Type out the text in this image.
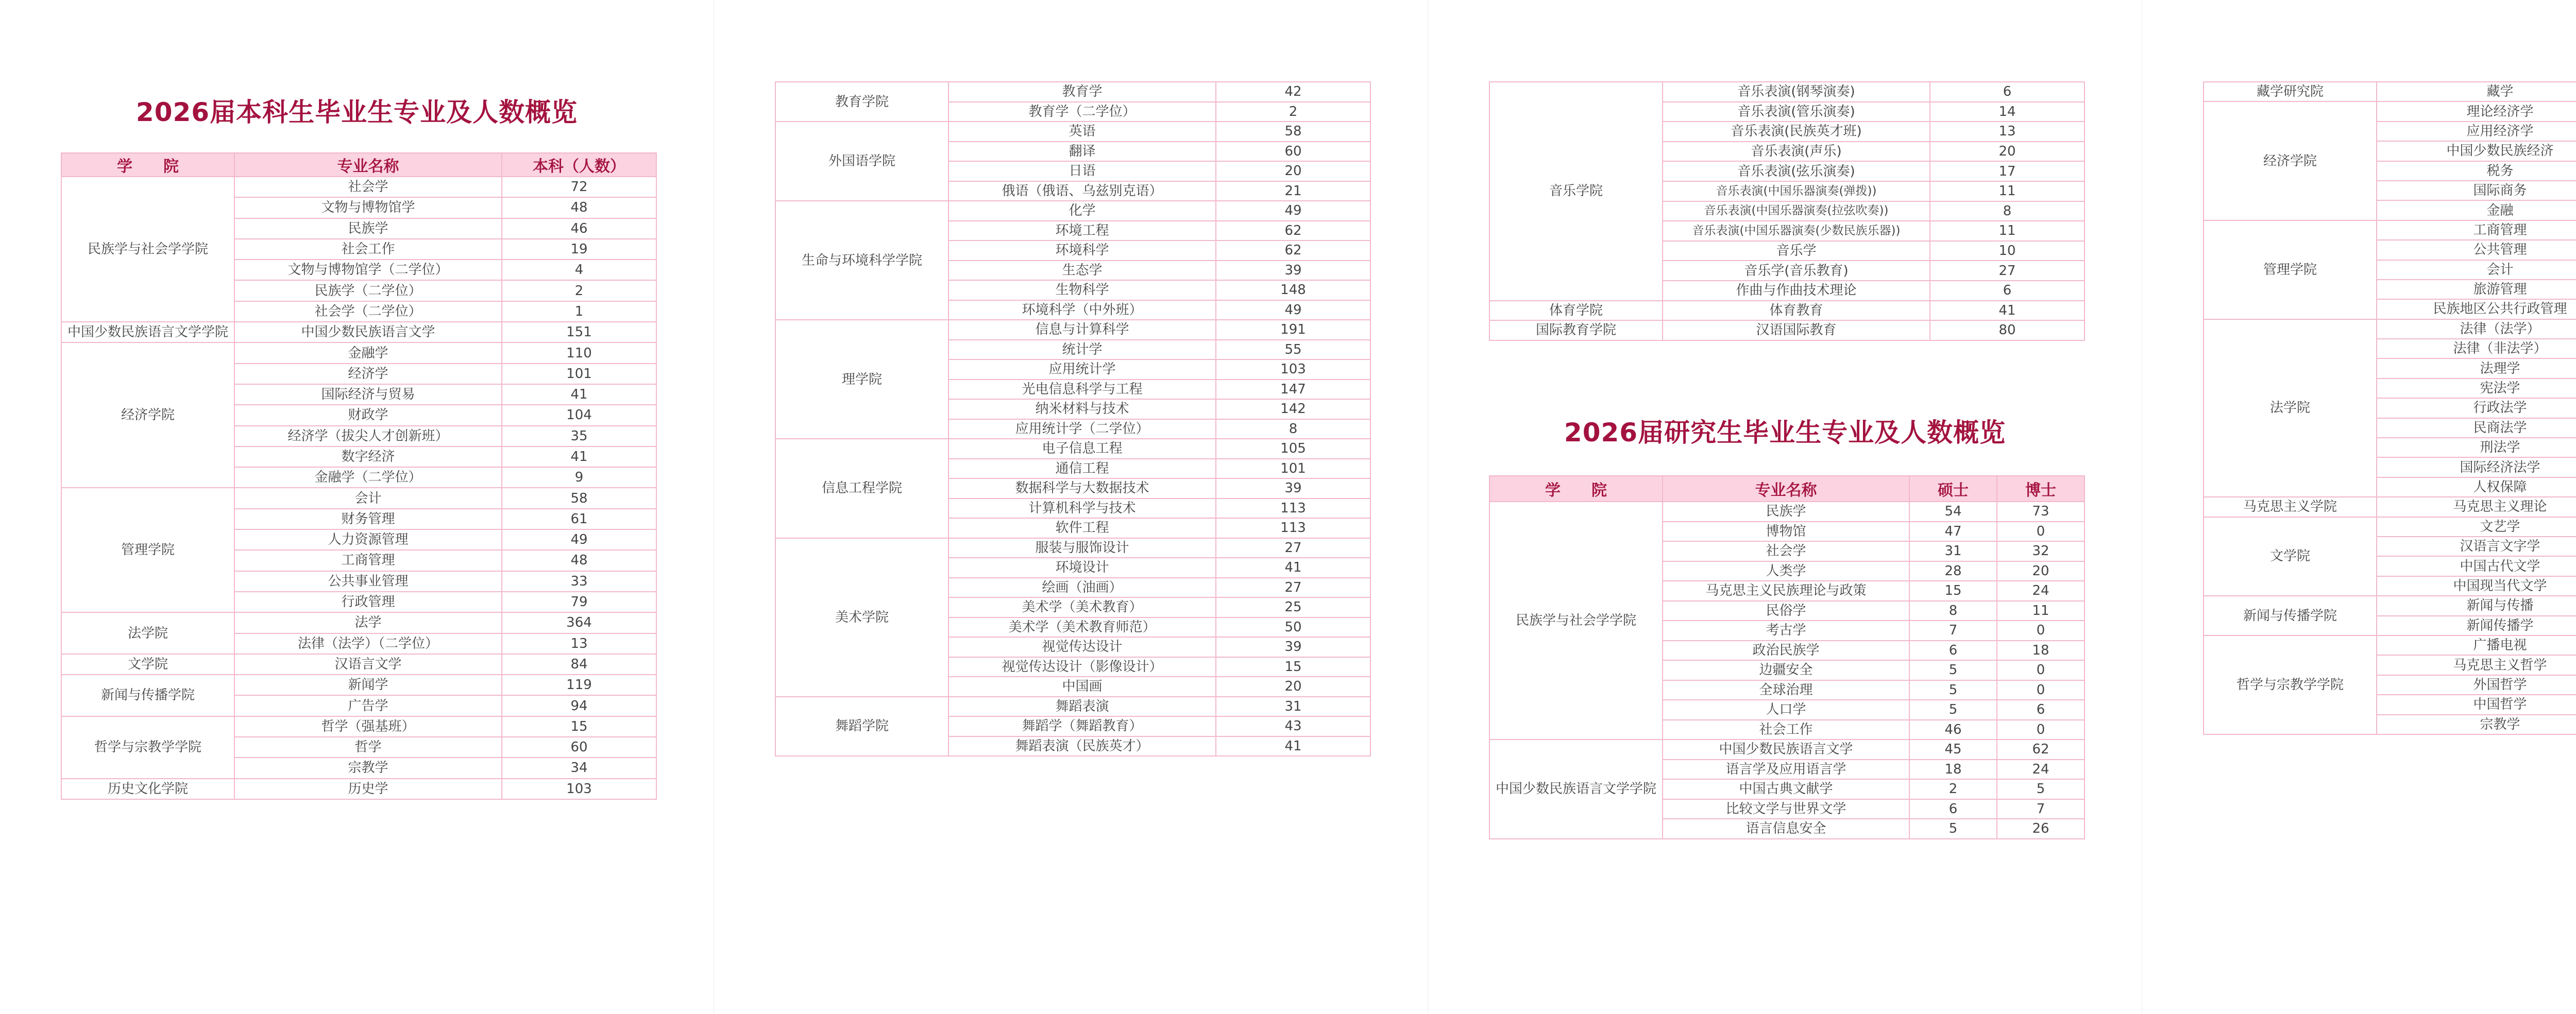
2026届本科生毕业生专业及人数概览
学　　院	专业名称	本科（人数）
民族学与社会学学院	社会学	72
	文物与博物馆学	48
	民族学	46
	社会工作	19
	文物与博物馆学（二学位）	4
	民族学（二学位）	2
	社会学（二学位）	1
中国少数民族语言文学学院	中国少数民族语言文学	151
经济学院	金融学	110
	经济学	101
	国际经济与贸易	41
	财政学	104
	经济学（拔尖人才创新班）	35
	数字经济	41
	金融学（二学位）	9
管理学院	会计	58
	财务管理	61
	人力资源管理	49
	工商管理	48
	公共事业管理	33
	行政管理	79
法学院	法学	364
	法律（法学）（二学位）	13
文学院	汉语言文学	84
新闻与传播学院	新闻学	119
	广告学	94
哲学与宗教学学院	哲学（强基班）	15
	哲学	60
	宗教学	34
历史文化学院	历史学	103
教育学院	教育学	42
	教育学（二学位）	2
外国语学院	英语	58
	翻译	60
	日语	20
	俄语（俄语、乌兹别克语）	21
生命与环境科学学院	化学	49
	环境工程	62
	环境科学	62
	生态学	39
	生物科学	148
	环境科学（中外班）	49
理学院	信息与计算科学	191
	统计学	55
	应用统计学	103
	光电信息科学与工程	147
	纳米材料与技术	142
	应用统计学（二学位）	8
信息工程学院	电子信息工程	105
	通信工程	101
	数据科学与大数据技术	39
	计算机科学与技术	113
	软件工程	113
美术学院	服装与服饰设计	27
	环境设计	41
	绘画（油画）	27
	美术学（美术教育）	25
	美术学（美术教育师范）	50
	视觉传达设计	39
	视觉传达设计（影像设计）	15
	中国画	20
舞蹈学院	舞蹈表演	31
	舞蹈学（舞蹈教育）	43
	舞蹈表演（民族英才）	41
音乐学院	音乐表演(钢琴演奏)	6
	音乐表演(管乐演奏)	14
	音乐表演(民族英才班)	13
	音乐表演(声乐)	20
	音乐表演(弦乐演奏)	17
	音乐表演(中国乐器演奏(弹拨))	11
	音乐表演(中国乐器演奏(拉弦吹奏))	8
	音乐表演(中国乐器演奏(少数民族乐器))	11
	音乐学	10
	音乐学(音乐教育)	27
	作曲与作曲技术理论	6
体育学院	体育教育	41
国际教育学院	汉语国际教育	80
2026届研究生毕业生专业及人数概览
学　　院	专业名称	硕士	博士
民族学与社会学学院	民族学	54	73
	博物馆	47	0
	社会学	31	32
	人类学	28	20
	马克思主义民族理论与政策	15	24
	民俗学	8	11
	考古学	7	0
	政治民族学	6	18
	边疆安全	5	0
	全球治理	5	0
	人口学	5	6
	社会工作	46	0
中国少数民族语言文学学院	中国少数民族语言文学	45	62
	语言学及应用语言学	18	24
	中国古典文献学	2	5
	比较文学与世界文学	6	7
	语言信息安全	5	26
藏学研究院	藏学		
经济学院	理论经济学		
	应用经济学		
	中国少数民族经济		
	税务		
	国际商务		
	金融		
管理学院	工商管理		
	公共管理		
	会计		
	旅游管理		
	民族地区公共行政管理		
法学院	法律（法学）		
	法律（非法学）		
	法理学		
	宪法学		
	行政法学		
	民商法学		
	刑法学		
	国际经济法学		
	人权保障		
马克思主义学院	马克思主义理论		
文学院	文艺学		
	汉语言文字学		
	中国古代文学		
	中国现当代文学		
新闻与传播学院	新闻与传播		
	新闻传播学		
哲学与宗教学学院	广播电视		
	马克思主义哲学		
	外国哲学		
	中国哲学		
	宗教学		
